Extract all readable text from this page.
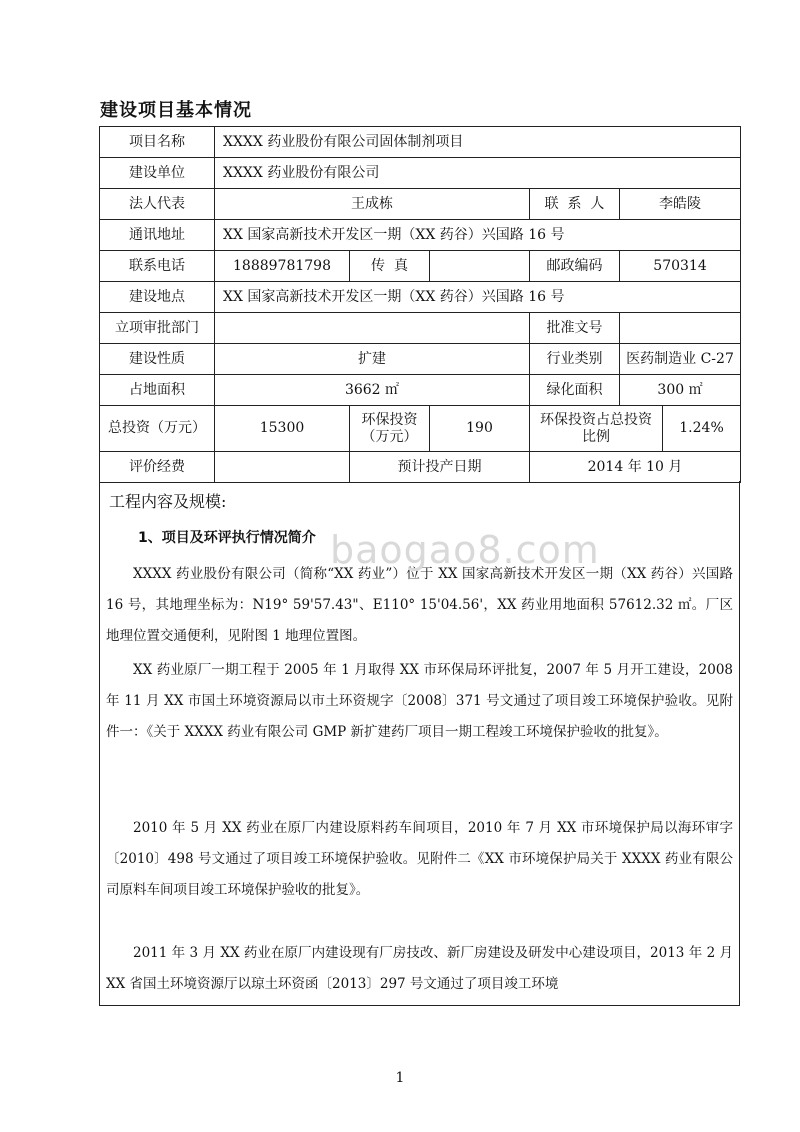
建设项目基本情况
项目名称	XXXX 药业股份有限公司固体制剂项目					
建设单位	XXXX 药业股份有限公司					
法人代表	王成栋			联  系  人	李皓陵	
通讯地址	XX 国家高新技术开发区一期（XX 药谷）兴国路 16 号					
联系电话	18889781798	传  真		邮政编码	570314	
建设地点	XX 国家高新技术开发区一期（XX 药谷）兴国路 16 号					
立项审批部门				批准文号		
建设性质	扩建			行业类别	医药制造业 C-27	
占地面积	3662 ㎡			绿化面积	300 ㎡	
总投资（万元）	15300	环保投资（万元）	190	环保投资占总投资比例		1.24%
评价经费		预计投产日期		2014 年 10 月		
工程内容及规模:
1、项目及环评执行情况简介

XXXX 药业股份有限公司（简称“XX 药业”）位于 XX 国家高新技术开发区一期（XX 药谷）兴国路 16 号，其地理坐标为：N19° 59'57.43"、E110° 15'04.56'，XX 药业用地面积 57612.32 ㎡。厂区地理位置交通便利，见附图 1 地理位置图。

XX 药业原厂一期工程于 2005 年 1 月取得 XX 市环保局环评批复，2007 年 5 月开工建设，2008 年 11 月 XX 市国土环境资源局以市土环资规字〔2008〕371 号文通过了项目竣工环境保护验收。见附件一：《关于 XXXX 药业有限公司 GMP 新扩建药厂项目一期工程竣工环境保护验收的批复》。

2010 年 5 月 XX 药业在原厂内建设原料药车间项目，2010 年 7 月 XX 市环境保护局以海环审字〔2010〕498 号文通过了项目竣工环境保护验收。见附件二《XX 市环境保护局关于 XXXX 药业有限公司原料车间项目竣工环境保护验收的批复》。

2011 年 3 月 XX 药业在原厂内建设现有厂房技改、新厂房建设及研发中心建设项目，2013 年 2 月 XX 省国土环境资源厅以琼土环资函〔2013〕297 号文通过了项目竣工环境

baogao8.com
1
